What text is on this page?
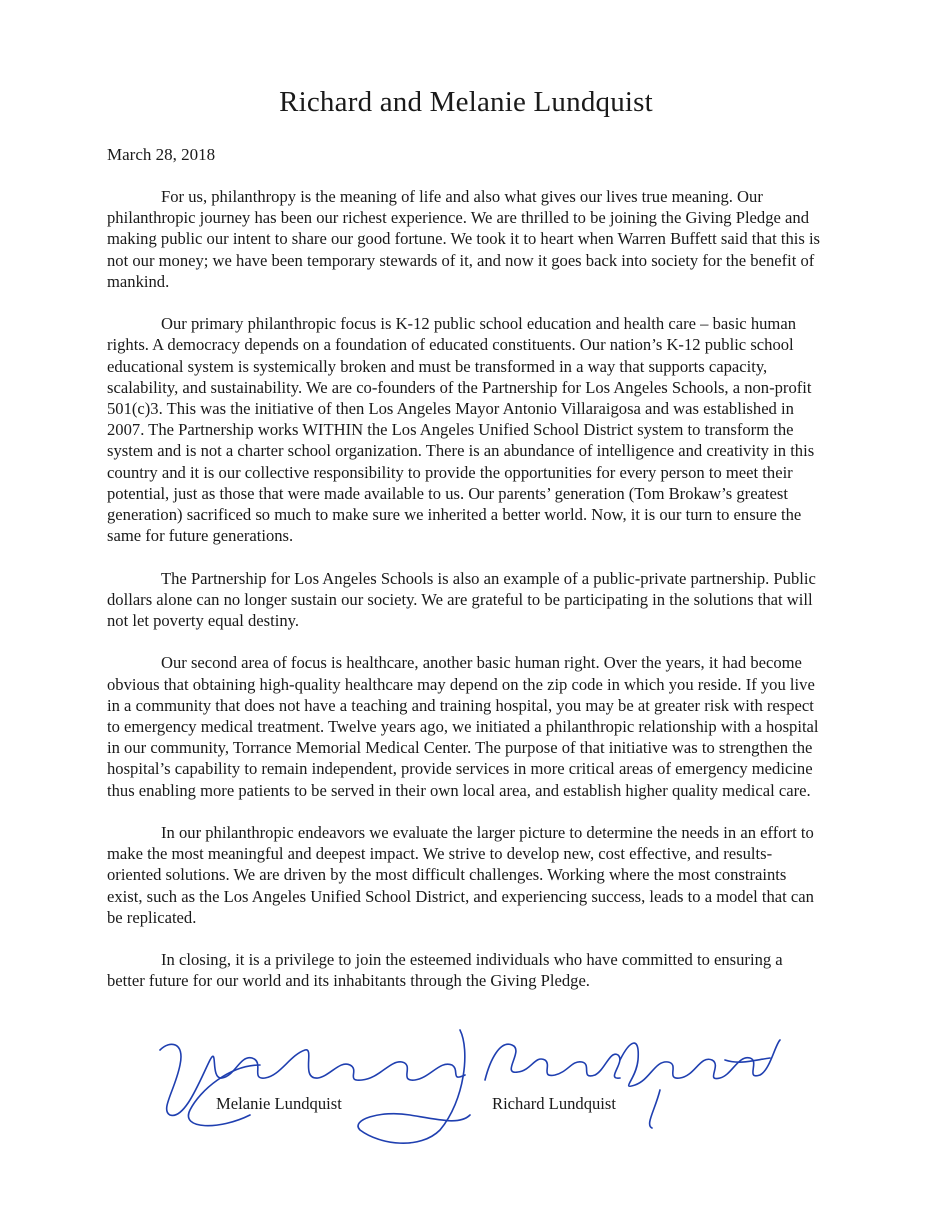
Richard and Melanie Lundquist
March 28, 2018

For us, philanthropy is the meaning of life and also what gives our lives true meaning. Our philanthropic journey has been our richest experience. We are thrilled to be joining the Giving Pledge and making public our intent to share our good fortune. We took it to heart when Warren Buffett said that this is not our money; we have been temporary stewards of it, and now it goes back into society for the benefit of mankind.

Our primary philanthropic focus is K-12 public school education and health care – basic human rights. A democracy depends on a foundation of educated constituents. Our nation’s K-12 public school educational system is systemically broken and must be transformed in a way that supports capacity, scalability, and sustainability. We are co-founders of the Partnership for Los Angeles Schools, a non-profit 501(c)3. This was the initiative of then Los Angeles Mayor Antonio Villaraigosa and was established in 2007. The Partnership works WITHIN the Los Angeles Unified School District system to transform the system and is not a charter school organization. There is an abundance of intelligence and creativity in this country and it is our collective responsibility to provide the opportunities for every person to meet their potential, just as those that were made available to us. Our parents’ generation (Tom Brokaw’s greatest generation) sacrificed so much to make sure we inherited a better world. Now, it is our turn to ensure the same for future generations.

The Partnership for Los Angeles Schools is also an example of a public-private partnership. Public dollars alone can no longer sustain our society. We are grateful to be participating in the solutions that will not let poverty equal destiny.

Our second area of focus is healthcare, another basic human right. Over the years, it had become obvious that obtaining high-quality healthcare may depend on the zip code in which you reside. If you live in a community that does not have a teaching and training hospital, you may be at greater risk with respect to emergency medical treatment. Twelve years ago, we initiated a philanthropic relationship with a hospital in our community, Torrance Memorial Medical Center. The purpose of that initiative was to strengthen the hospital’s capability to remain independent, provide services in more critical areas of emergency medicine thus enabling more patients to be served in their own local area, and establish higher quality medical care.

In our philanthropic endeavors we evaluate the larger picture to determine the needs in an effort to make the most meaningful and deepest impact. We strive to develop new, cost effective, and results-oriented solutions. We are driven by the most difficult challenges. Working where the most constraints exist, such as the Los Angeles Unified School District, and experiencing success, leads to a model that can be replicated.

In closing, it is a privilege to join the esteemed individuals who have committed to ensuring a better future for our world and its inhabitants through the Giving Pledge.

Melanie Lundquist	Richard Lundquist
